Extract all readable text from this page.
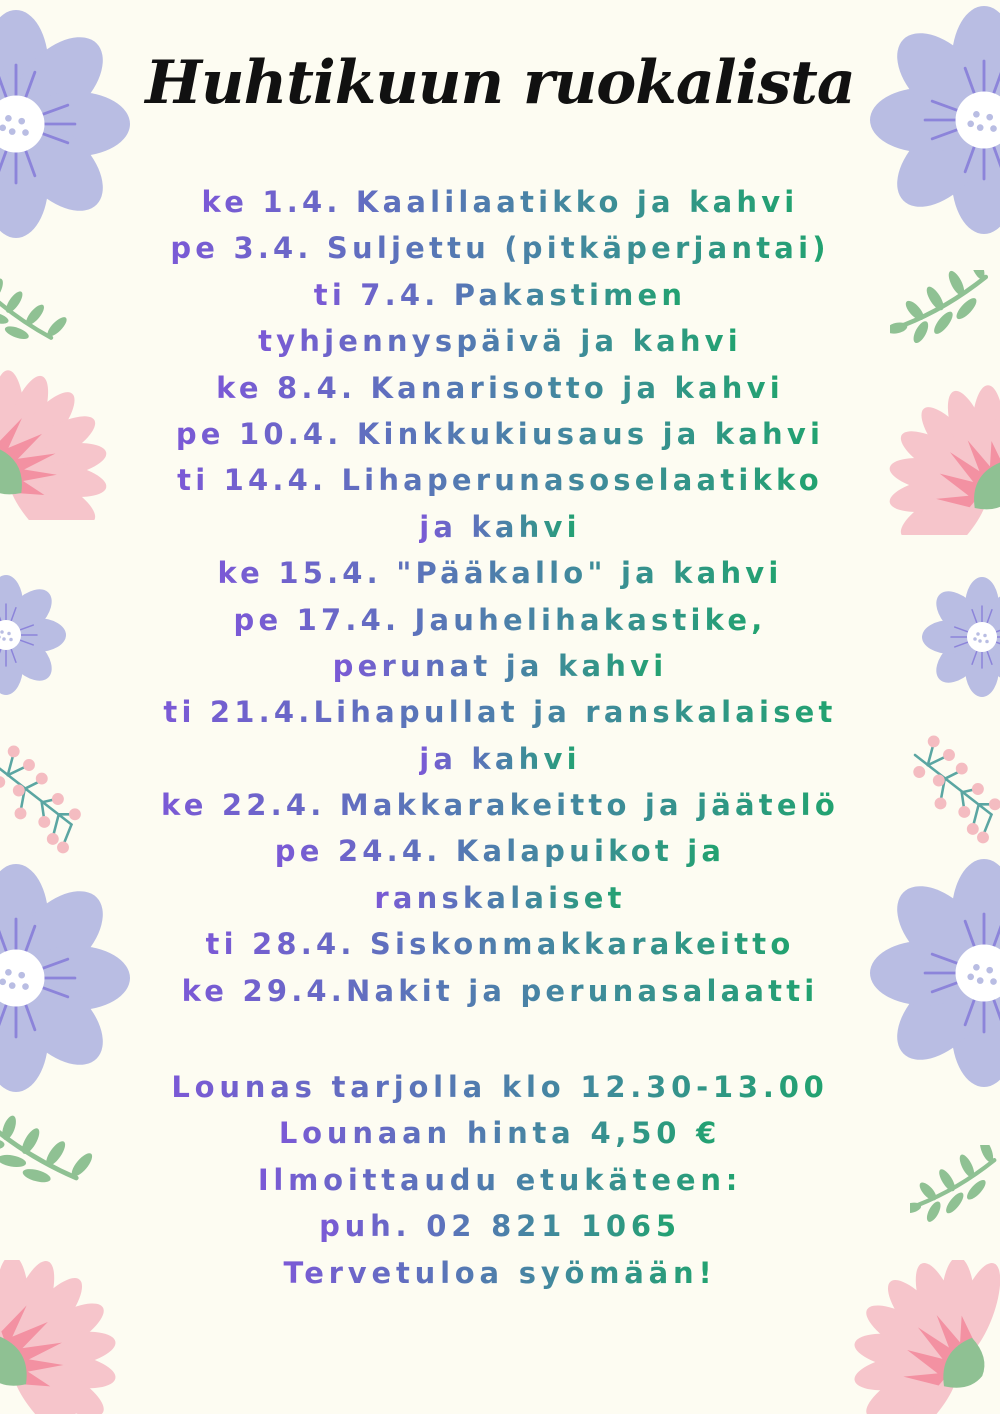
Huhtikuun ruokalista
ke 1.4. Kaalilaatikko ja kahvi
pe 3.4. Suljettu (pitkäperjantai)
ti 7.4. Pakastimen
tyhjennyspäivä ja kahvi
ke 8.4. Kanarisotto ja kahvi
pe 10.4. Kinkkukiusaus ja kahvi
ti 14.4. Lihaperunasoselaatikko
ja kahvi
ke 15.4. "Pääkallo" ja kahvi
pe 17.4. Jauhelihakastike,
perunat ja kahvi
ti 21.4.Lihapullat ja ranskalaiset
ja kahvi
ke 22.4. Makkarakeitto ja jäätelö
pe 24.4. Kalapuikot ja
ranskalaiset
ti 28.4. Siskonmakkarakeitto
ke 29.4.Nakit ja perunasalaatti
Lounas tarjolla klo 12.30-13.00
Lounaan hinta 4,50 €
Ilmoittaudu etukäteen:
puh. 02 821 1065
Tervetuloa syömään!
